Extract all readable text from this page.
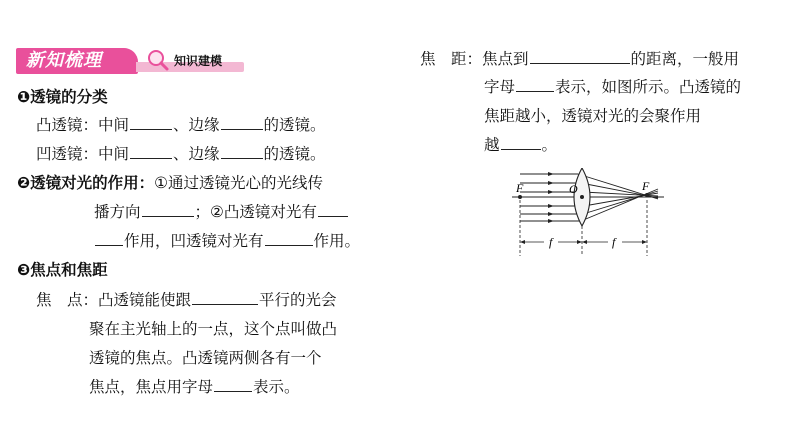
新知梳理	知识建模
❶透镜的分类
凸透镜：中间	、边缘	的透镜。
凹透镜：中间	、边缘	的透镜。
❷透镜对光的作用：①通过透镜光心的光线传
播方向	；②凸透镜对光有
作用，凹透镜对光有	作用。
❸焦点和焦距
焦　点：凸透镜能使跟	平行的光会
聚在主光轴上的一点，这个点叫做凸
透镜的焦点。凸透镜两侧各有一个
焦点，焦点用字母	表示。
焦　距：焦点到	的距离，一般用
字母	表示，如图所示。凸透镜的
焦距越小，透镜对光的会聚作用
越	。
F	O	F
f	f
